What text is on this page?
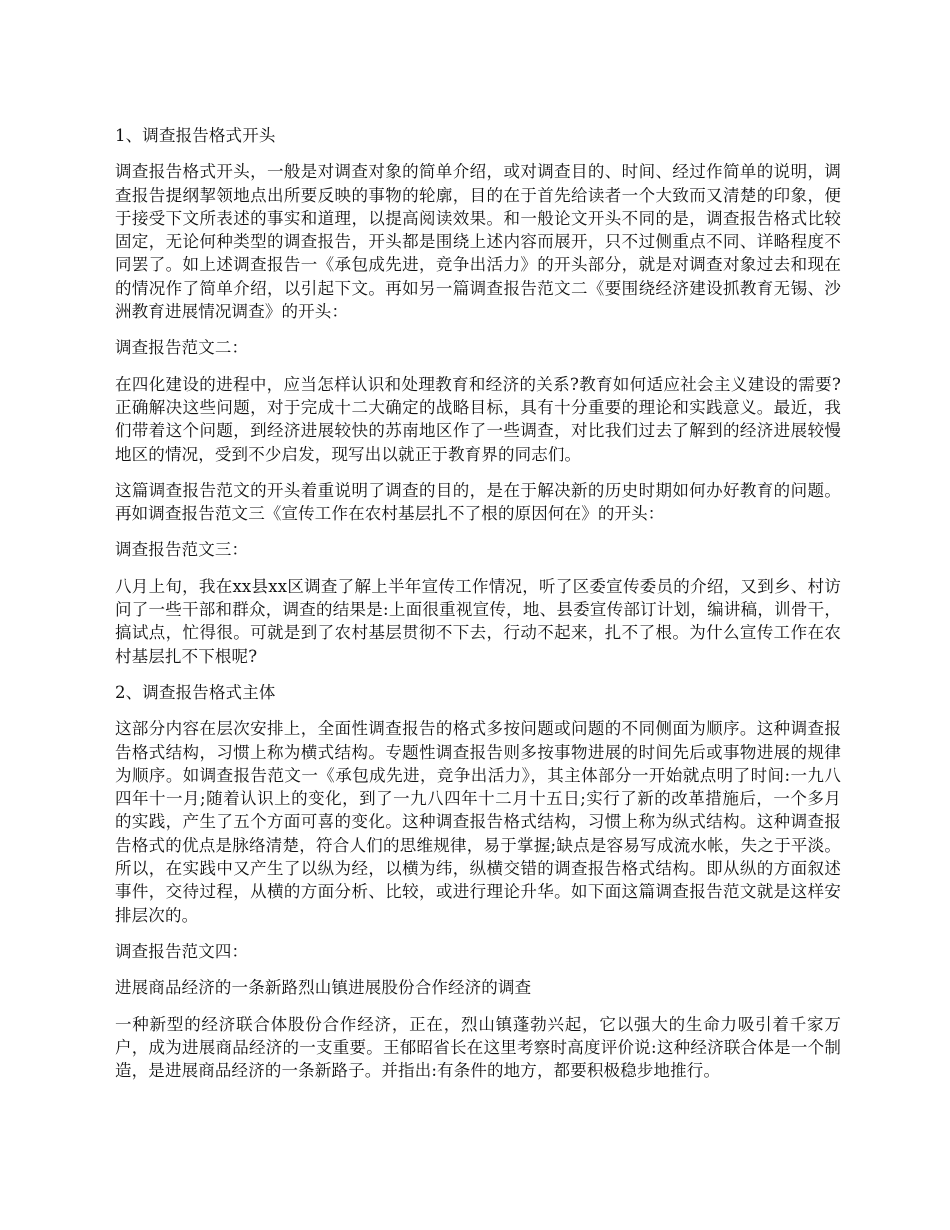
1、调查报告格式开头

调查报告格式开头，一般是对调查对象的简单介绍，或对调查目的、时间、经过作简单的说明，调查报告提纲挈领地点出所要反映的事物的轮廓，目的在于首先给读者一个大致而又清楚的印象，便于接受下文所表述的事实和道理，以提高阅读效果。和一般论文开头不同的是，调查报告格式比较固定，无论何种类型的调查报告，开头都是围绕上述内容而展开，只不过侧重点不同、详略程度不同罢了。如上述调查报告一《承包成先进，竞争出活力》的开头部分，就是对调查对象过去和现在的情况作了简单介绍，以引起下文。再如另一篇调查报告范文二《要围绕经济建设抓教育无锡、沙洲教育进展情况调查》的开头：

调查报告范文二：

在四化建设的进程中，应当怎样认识和处理教育和经济的关系?教育如何适应社会主义建设的需要?正确解决这些问题，对于完成十二大确定的战略目标，具有十分重要的理论和实践意义。最近，我们带着这个问题，到经济进展较快的苏南地区作了一些调查，对比我们过去了解到的经济进展较慢地区的情况，受到不少启发，现写出以就正于教育界的同志们。

这篇调查报告范文的开头着重说明了调查的目的，是在于解决新的历史时期如何办好教育的问题。再如调查报告范文三《宣传工作在农村基层扎不了根的原因何在》的开头：

调查报告范文三：

八月上旬，我在xx县xx区调查了解上半年宣传工作情况，听了区委宣传委员的介绍，又到乡、村访问了一些干部和群众，调查的结果是:上面很重视宣传，地、县委宣传部订计划，编讲稿，训骨干，搞试点，忙得很。可就是到了农村基层贯彻不下去，行动不起来，扎不了根。为什么宣传工作在农村基层扎不下根呢?

2、调查报告格式主体

这部分内容在层次安排上，全面性调查报告的格式多按问题或问题的不同侧面为顺序。这种调查报告格式结构，习惯上称为横式结构。专题性调查报告则多按事物进展的时间先后或事物进展的规律为顺序。如调查报告范文一《承包成先进，竞争出活力》，其主体部分一开始就点明了时间:一九八四年十一月;随着认识上的变化，到了一九八四年十二月十五日;实行了新的改革措施后，一个多月的实践，产生了五个方面可喜的变化。这种调查报告格式结构，习惯上称为纵式结构。这种调查报告格式的优点是脉络清楚，符合人们的思维规律，易于掌握;缺点是容易写成流水帐，失之于平淡。所以，在实践中又产生了以纵为经，以横为纬，纵横交错的调查报告格式结构。即从纵的方面叙述事件，交待过程，从横的方面分析、比较，或进行理论升华。如下面这篇调查报告范文就是这样安排层次的。

调查报告范文四：

进展商品经济的一条新路烈山镇进展股份合作经济的调查

一种新型的经济联合体股份合作经济，正在，烈山镇蓬勃兴起，它以强大的生命力吸引着千家万户，成为进展商品经济的一支重要。王郁昭省长在这里考察时高度评价说:这种经济联合体是一个制造，是进展商品经济的一条新路子。并指出:有条件的地方，都要积极稳步地推行。
